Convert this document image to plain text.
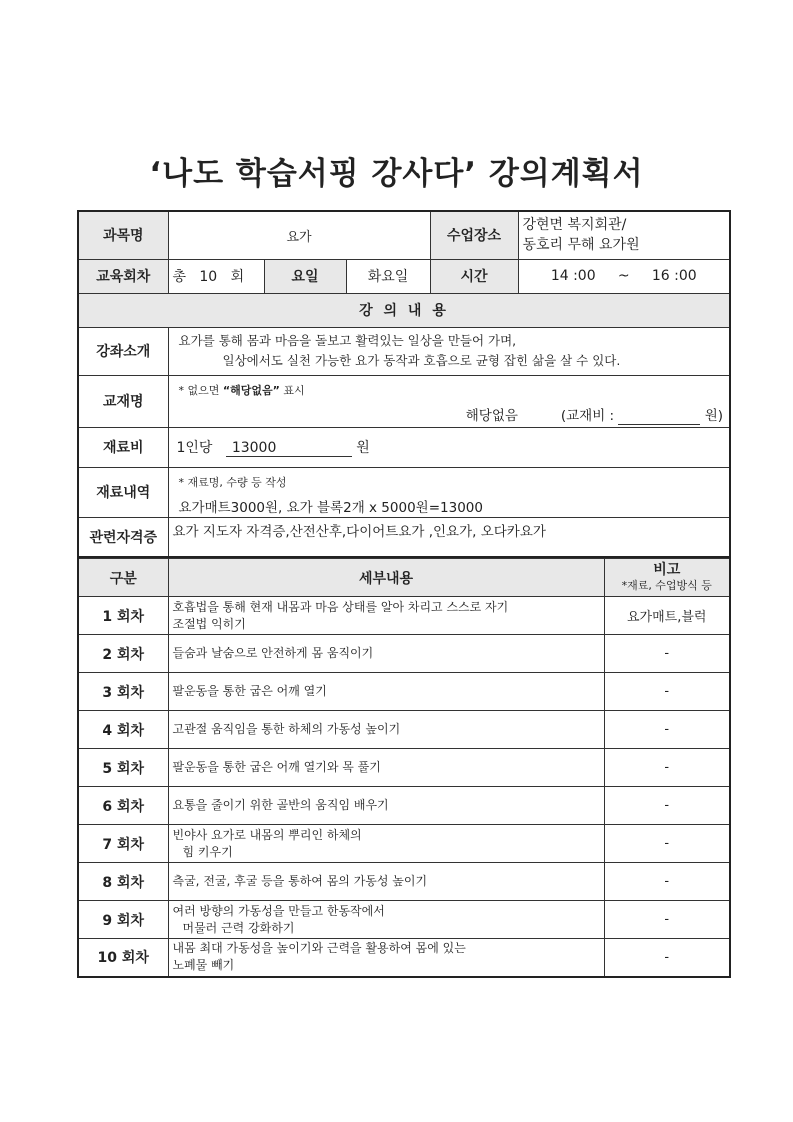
‘나도 학습서핑 강사다’ 강의계획서
과목명	요가			수업장소	강현면 복지회관/
동호리 무해 요가원

교육회차	총 10 회	요일	화요일	시간	14 :00 ~ 16 :00
강 의 내 용					
강좌소개	요가를 통해 몸과 마음을 돌보고 활력있는 일상을 만들어 가며,
일상에서도 실천 가능한 요가 동작과 호흡으로 균형 잡힌 삶을 살 수 있다.				

교재명	* 없으면 “해당없음” 표시
해당없음 (교재비 : 원)				

재료비	1인당 13000 원				
재료내역	* 재료명, 수량 등 작성
요가매트3000원, 요가 블록2개 x 5000원=13000				

관련자격증	요가 지도자 자격증,산전산후,다이어트요가 ,인요가, 오다카요가				
구분	세부내용	비고
*재료, 수업방식 등
1 회차	호흡법을 통해 현재 내몸과 마음 상태를 알아 차리고 스스로 자기
조절법 익히기	요가매트,블럭
2 회차	들숨과 날숨으로 안전하게 몸 움직이기	-
3 회차	팔운동을 통한 굽은 어깨 열기	-
4 회차	고관절 움직임을 통한 하체의 가동성 높이기	-
5 회차	팔운동을 통한 굽은 어깨 열기와 목 풀기	-
6 회차	요통을 줄이기 위한 골반의 움직임 배우기	-
7 회차	빈야사 요가로 내몸의 뿌리인 하체의
힘 키우기	-
8 회차	측굴, 전굴, 후굴 등을 통하여 몸의 가동성 높이기	-
9 회차	여러 방향의 가동성을 만들고 한동작에서
머물러 근력 강화하기	-
10 회차	내몸 최대 가동성을 높이기와 근력을 활용하여 몸에 있는
노폐물 빼기	-
